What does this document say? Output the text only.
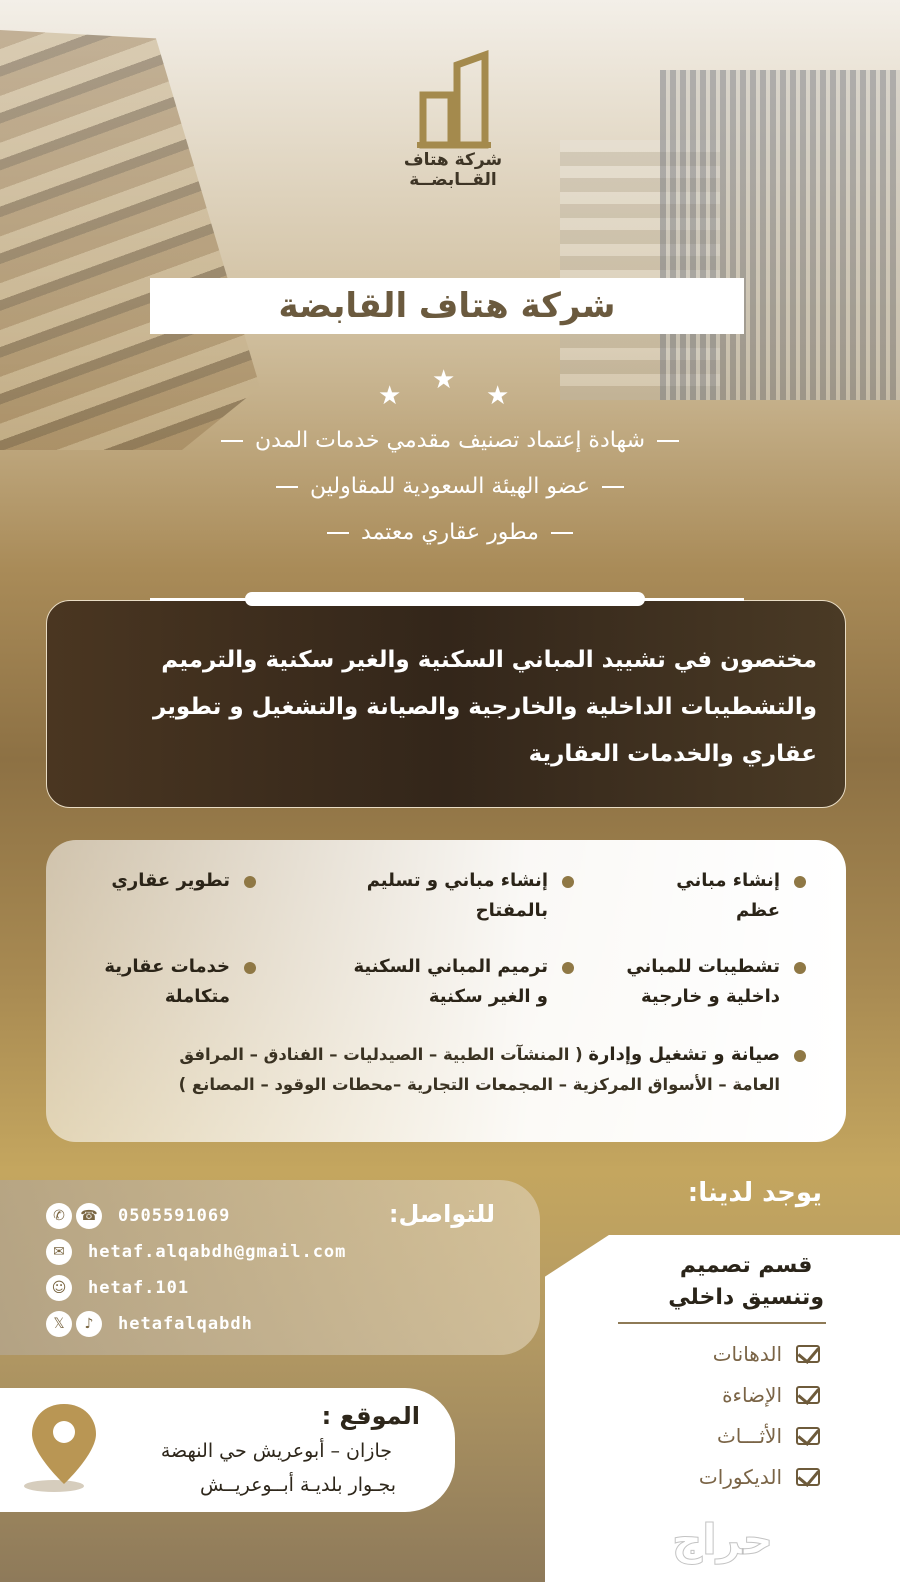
شركة هتاف
القــابضــة
شركة هتاف القابضة
★
★
★
شهادة إعتماد تصنيف مقدمي خدمات المدن
عضو الهيئة السعودية للمقاولين
مطور عقاري معتمد

مختصون في تشييد المباني السكنية والغير سكنية والترميم

والتشطيبات الداخلية والخارجية والصيانة والتشغيل و تطوير

عقاري والخدمات العقارية

إنشاء مباني
عظم
إنشاء مباني و تسليم
بالمفتاح
تطوير عقاري
تشطيبات للمباني
داخلية و خارجية
ترميم المباني السكنية
و الغير سكنية
خدمات عقارية
متكاملة
صيانة و تشغيل وإدارة ( المنشآت الطبية – الصيدليات – الفنادق – المرافق
العامة – الأسواق المركزية – المجمعات التجارية –محطات الوقود – المصانع )
للتواصل:
0505591069
✆	☎
hetaf.alqabdh@gmail.com
✉
hetaf.101
☺
hetafalqabdh
𝕏	♪
الموقع :
جازان – أبوعريش حي النهضة
بجـوار بلديـة أبــوعريــش
يوجد لدينا:
قسم تصميم
وتنسيق داخلي
الدهانات
الإضاءة
الأثـــاث
الديكورات
حراج
